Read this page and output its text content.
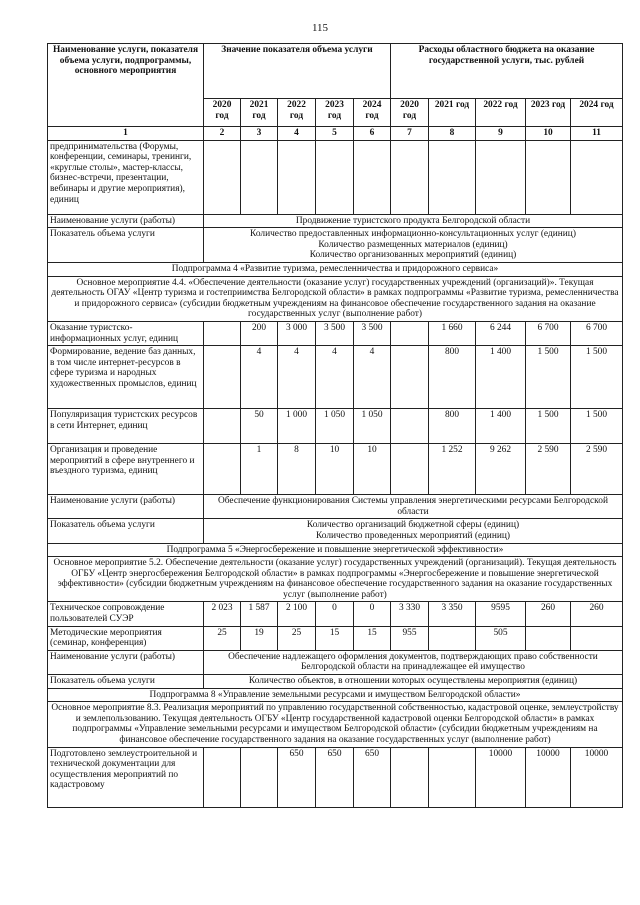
115
Наименование услуги, показателя объема услуги, подпрограммы, основного мероприятия	Значение показателя объема услуги					Расходы областного бюджета на оказание государственной услуги, тыс. рублей				
	2020 год	2021 год	2022 год	2023 год	2024 год	2020 год	2021 год	2022 год	2023 год	2024 год
1	2	3	4	5	6	7	8	9	10	11
предпринимательства (Форумы, конференции, семинары, тренинги, «круглые столы», мастер-классы, бизнес-встречи, презентации, вебинары и другие мероприятия), единиц										
Наименование услуги (работы)	Продвижение туристского продукта Белгородской области									
Показатель объема услуги	Количество предоставленных информационно-консультационных услуг (единиц)
Количество размещенных материалов (единиц)
Количество организованных мероприятий (единиц)									

Подпрограмма 4 «Развитие туризма, ремесленничества и придорожного сервиса»										
Основное мероприятие 4.4. «Обеспечение деятельности (оказание услуг) государственных учреждений (организаций)». Текущая деятельность ОГАУ «Центр туризма и гостеприимства Белгородской области» в рамках подпрограммы «Развитие туризма, ремесленничества и придорожного сервиса» (субсидии бюджетным учреждениям на финансовое обеспечение государственного задания на оказание государственных услуг (выполнение работ)										
Оказание туристско-информационных услуг, единиц		200	3 000	3 500	3 500		1 660	6 244	6 700	6 700
Формирование, ведение баз данных, в том числе интернет-ресурсов в сфере туризма и народных художественных промыслов, единиц		4	4	4	4		800	1 400	1 500	1 500
Популяризация туристских ресурсов в сети Интернет, единиц		50	1 000	1 050	1 050		800	1 400	1 500	1 500
Организация и проведение мероприятий в сфере внутреннего и въездного туризма, единиц		1	8	10	10		1 252	9 262	2 590	2 590
Наименование услуги (работы)	Обеспечение функционирования Системы управления энергетическими ресурсами Белгородской области									
Показатель объема услуги	Количество организаций бюджетной сферы (единиц)
Количество проведенных мероприятий (единиц)									

Подпрограмма 5 «Энергосбережение и повышение энергетической эффективности»										
Основное мероприятие 5.2. Обеспечение деятельности (оказание услуг) государственных учреждений (организаций). Текущая деятельность ОГБУ «Центр энергосбережения Белгородской области» в рамках подпрограммы «Энергосбережение и повышение энергетической эффективности» (субсидии бюджетным учреждениям на финансовое обеспечение государственного задания на оказание государственных услуг (выполнение работ)										
Техническое сопровождение пользователей СУЭР	2 023	1 587	2 100	0	0	3 330	3 350	9595	260	260
Методические мероприятия (семинар, конференция)	25	19	25	15	15	955		505		
Наименование услуги (работы)	Обеспечение надлежащего оформления документов, подтверждающих право собственности Белгородской области на принадлежащее ей имущество									
Показатель объема услуги	Количество объектов, в отношении которых осуществлены мероприятия (единиц)									
Подпрограмма 8 «Управление земельными ресурсами и имуществом Белгородской области»										
Основное мероприятие 8.3. Реализация мероприятий по управлению государственной собственностью, кадастровой оценке, землеустройству и землепользованию. Текущая деятельность ОГБУ «Центр государственной кадастровой оценки Белгородской области» в рамках подпрограммы «Управление земельными ресурсами и имуществом Белгородской области» (субсидии бюджетным учреждениям на финансовое обеспечение государственного задания на оказание государственных услуг (выполнение работ)										
Подготовлено землеустроительной и технической документации для осуществления мероприятий по кадастровому			650	650	650			10000	10000	10000
